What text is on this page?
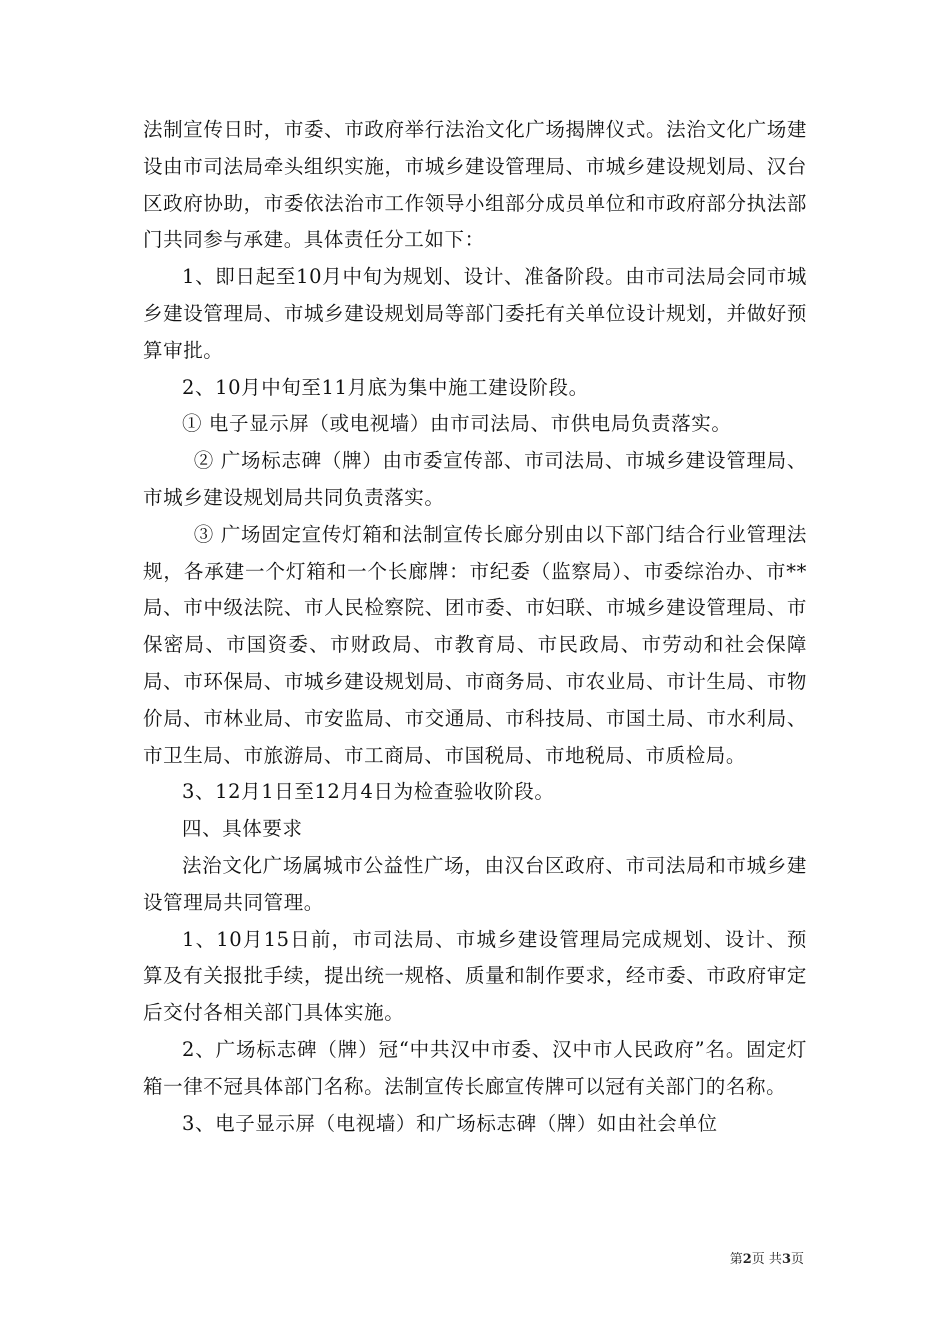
法制宣传日时，市委、市政府举行法治文化广场揭牌仪式。法治文化广场建设由市司法局牵头组织实施，市城乡建设管理局、市城乡建设规划局、汉台区政府协助，市委依法治市工作领导小组部分成员单位和市政府部分执法部门共同参与承建。具体责任分工如下：

1、即日起至10月中旬为规划、设计、准备阶段。由市司法局会同市城乡建设管理局、市城乡建设规划局等部门委托有关单位设计规划，并做好预算审批。

2、10月中旬至11月底为集中施工建设阶段。

① 电子显示屏（或电视墙）由市司法局、市供电局负责落实。

② 广场标志碑（牌）由市委宣传部、市司法局、市城乡建设管理局、市城乡建设规划局共同负责落实。

③ 广场固定宣传灯箱和法制宣传长廊分别由以下部门结合行业管理法规，各承建一个灯箱和一个长廊牌：市纪委（监察局）、市委综治办、市**局、市中级法院、市人民检察院、团市委、市妇联、市城乡建设管理局、市保密局、市国资委、市财政局、市教育局、市民政局、市劳动和社会保障局、市环保局、市城乡建设规划局、市商务局、市农业局、市计生局、市物价局、市林业局、市安监局、市交通局、市科技局、市国土局、市水利局、市卫生局、市旅游局、市工商局、市国税局、市地税局、市质检局。

3、12月1日至12月4日为检查验收阶段。

四、具体要求

法治文化广场属城市公益性广场，由汉台区政府、市司法局和市城乡建设管理局共同管理。

1、10月15日前，市司法局、市城乡建设管理局完成规划、设计、预算及有关报批手续，提出统一规格、质量和制作要求，经市委、市政府审定后交付各相关部门具体实施。

2、广场标志碑（牌）冠“中共汉中市委、汉中市人民政府”名。固定灯箱一律不冠具体部门名称。法制宣传长廊宣传牌可以冠有关部门的名称。

3、电子显示屏（电视墙）和广场标志碑（牌）如由社会单位

第2页 共3页
